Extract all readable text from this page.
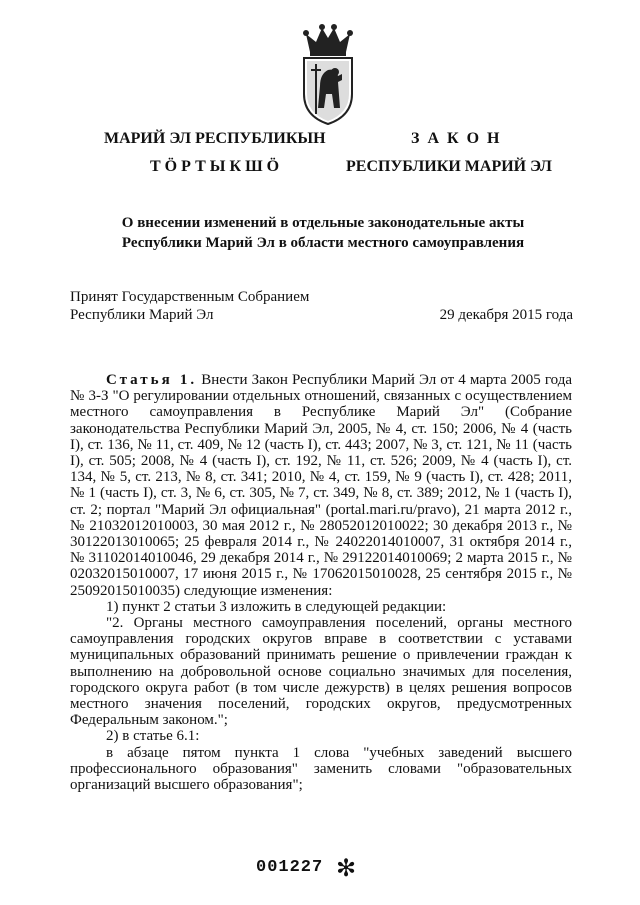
МАРИЙ ЭЛ РЕСПУБЛИКЫН
ТӦРТЫКШӦ
З А К О Н
РЕСПУБЛИКИ МАРИЙ ЭЛ
О внесении изменений в отдельные законодательные акты
Республики Марий Эл в области местного самоуправления
Принят Государственным Собранием
Республики Марий Эл	29 декабря 2015 года

Статья 1. Внести Закон Республики Марий Эл от 4 марта 2005 года № 3-З "О регулировании отдельных отношений, связанных с осуществлением местного самоуправления в Республике Марий Эл" (Собрание законодательства Республики Марий Эл, 2005, № 4, ст. 150; 2006, № 4 (часть I), ст. 136, № 11, ст. 409, № 12 (часть I), ст. 443; 2007, № 3, ст. 121, № 11 (часть I), ст. 505; 2008, № 4 (часть I), ст. 192, № 11, ст. 526; 2009, № 4 (часть I), ст. 134, № 5, ст. 213, № 8, ст. 341; 2010, № 4, ст. 159, № 9 (часть I), ст. 428; 2011, № 1 (часть I), ст. 3, № 6, ст. 305, № 7, ст. 349, № 8, ст. 389; 2012, № 1 (часть I), ст. 2; портал "Марий Эл официальная" (portal.mari.ru/pravo), 21 марта 2012 г., № 21032012010003, 30 мая 2012 г., № 28052012010022; 30 декабря 2013 г., № 30122013010065; 25 февраля 2014 г., № 24022014010007, 31 октября 2014 г., № 31102014010046, 29 декабря 2014 г., № 29122014010069; 2 марта 2015 г., № 02032015010007, 17 июня 2015 г., № 17062015010028, 25 сентября 2015 г., № 25092015010035) следующие изменения:

1) пункт 2 статьи 3 изложить в следующей редакции:

"2. Органы местного самоуправления поселений, органы местного самоуправления городских округов вправе в соответствии с уставами муниципальных образований принимать решение о привлечении граждан к выполнению на добровольной основе социально значимых для поселения, городского округа работ (в том числе дежурств) в целях решения вопросов местного значения поселений, городских округов, предусмотренных Федеральным законом.";

2) в статье 6.1:

в абзаце пятом пункта 1 слова "учебных заведений высшего профессионального образования" заменить словами "образовательных организаций высшего образования";

001227 ✻
